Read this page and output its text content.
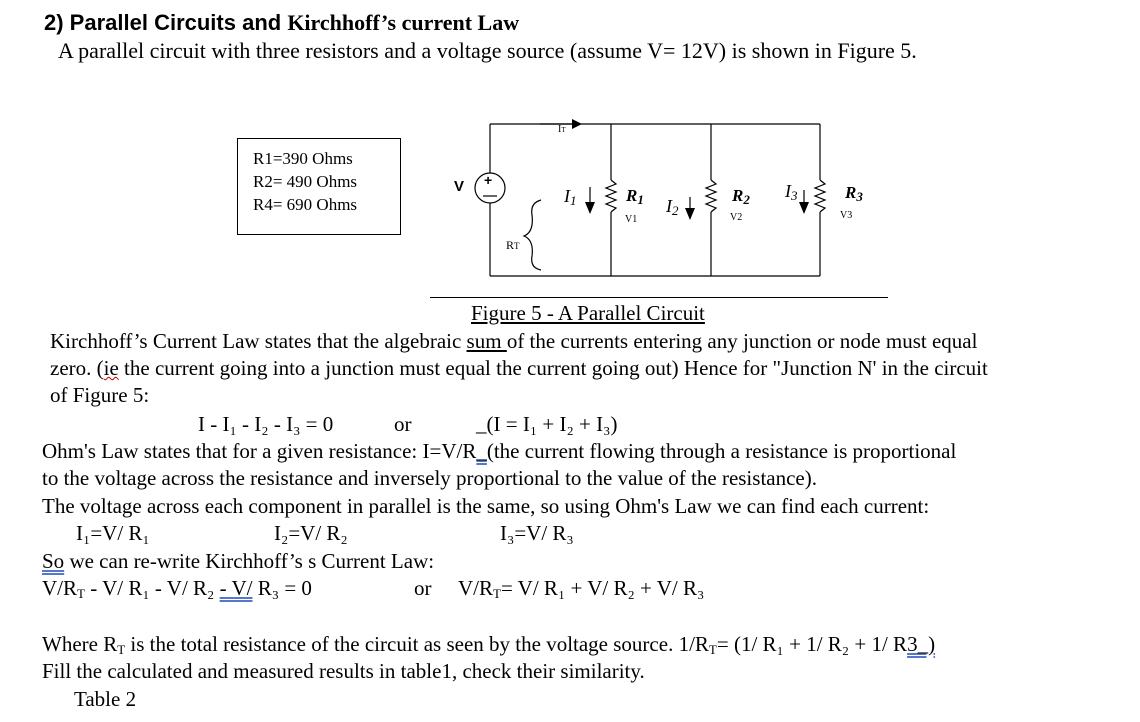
2) Parallel Circuits and Kirchhoff’s current Law
A parallel circuit with three resistors and a voltage source (assume V= 12V) is shown in Figure 5.
R1=390 Ohms
R2= 490 Ohms
R4= 690 Ohms
V +
IT
RT
$I_1$	$R_1$
V1
$I_2$
$R_2$
V2
$I_3$	$R_3$
V3
Figure 5 - A Parallel Circuit
Kirchhoff’s Current Law states that the algebraic sum of the currents entering any junction or node must equal
zero. (ie the current going into a junction must equal the current going out) Hence for "Junction N' in the circuit
of Figure 5:
I - I₁ - I₂ - I₃ = 0	or	_(I = I₁ + I₂ + I₃)
Ohm's Law states that for a given resistance: I=V/R_(the current flowing through a resistance is proportional
to the voltage across the resistance and inversely proportional to the value of the resistance).
The voltage across each component in parallel is the same, so using Ohm's Law we can find each current:
I₁=V/ R₁	I₂=V/ R₂	I₃=V/ R₃
So we can re-write Kirchhoff’s s Current Law:
$V/R_T - V/$ R₁ - V/ R₂ - V/ R₃ = 0	or $V/R_T= V/$ R₁ + V/ R₂ + V/ R₃
Where $R_T$ is the total resistance of the circuit as seen by the voltage source. $1/R_T= (1/$ R₁ + 1/ R₂ + 1/ R3_)
Fill the calculated and measured results in table1, check their similarity.
Table 2
